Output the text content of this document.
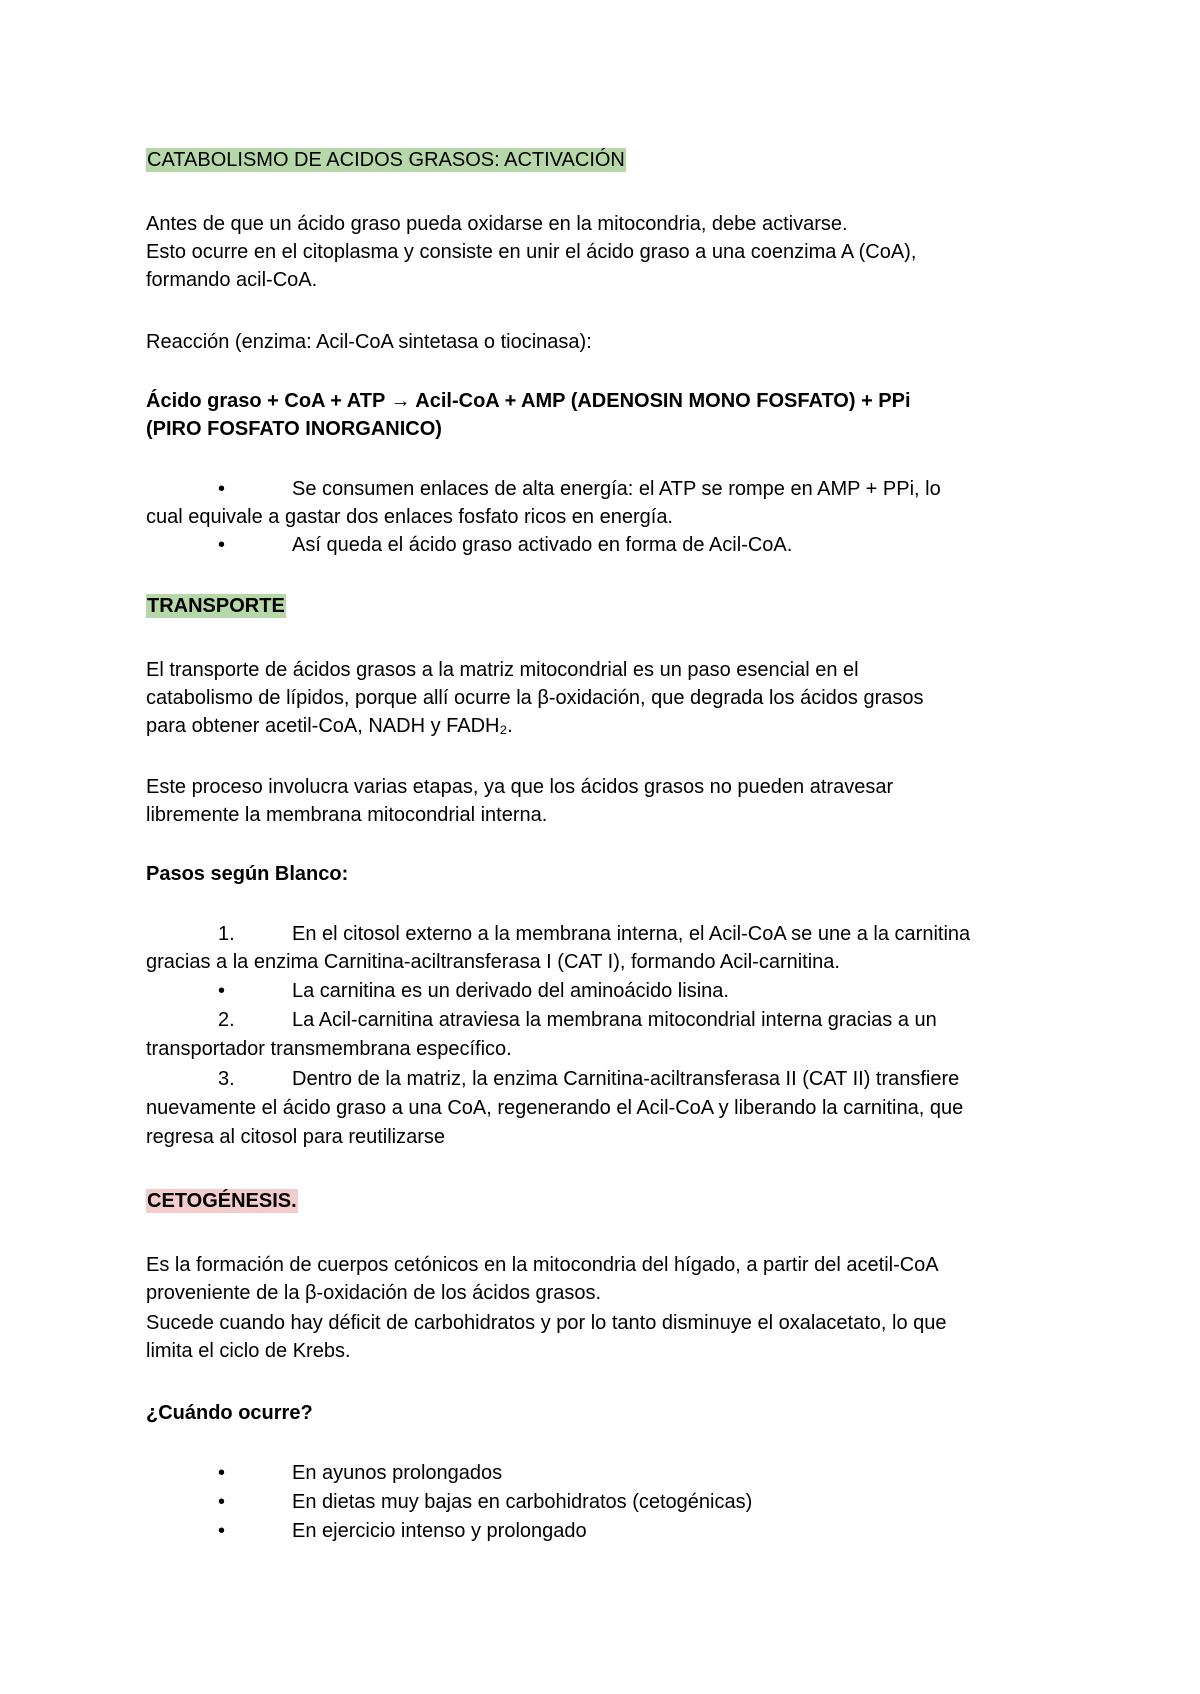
CATABOLISMO DE ACIDOS GRASOS: ACTIVACIÓN
Antes de que un ácido graso pueda oxidarse en la mitocondria, debe activarse.
Esto ocurre en el citoplasma y consiste en unir el ácido graso a una coenzima A (CoA),
formando acil-CoA.
Reacción (enzima: Acil-CoA sintetasa o tiocinasa):
Ácido graso + CoA + ATP → Acil-CoA + AMP (ADENOSIN MONO FOSFATO) + PPi
(PIRO FOSFATO INORGANICO)
•	Se consumen enlaces de alta energía: el ATP se rompe en AMP + PPi, lo
cual equivale a gastar dos enlaces fosfato ricos en energía.
•	Así queda el ácido graso activado en forma de Acil-CoA.
TRANSPORTE
El transporte de ácidos grasos a la matriz mitocondrial es un paso esencial en el
catabolismo de lípidos, porque allí ocurre la β-oxidación, que degrada los ácidos grasos
para obtener acetil-CoA, NADH y FADH₂.
Este proceso involucra varias etapas, ya que los ácidos grasos no pueden atravesar
libremente la membrana mitocondrial interna.
Pasos según Blanco:
1.	En el citosol externo a la membrana interna, el Acil-CoA se une a la carnitina
gracias a la enzima Carnitina-aciltransferasa I (CAT I), formando Acil-carnitina.
•	La carnitina es un derivado del aminoácido lisina.
2.	La Acil-carnitina atraviesa la membrana mitocondrial interna gracias a un
transportador transmembrana específico.
3.	Dentro de la matriz, la enzima Carnitina-aciltransferasa II (CAT II) transfiere
nuevamente el ácido graso a una CoA, regenerando el Acil-CoA y liberando la carnitina, que
regresa al citosol para reutilizarse
CETOGÉNESIS.
Es la formación de cuerpos cetónicos en la mitocondria del hígado, a partir del acetil-CoA
proveniente de la β-oxidación de los ácidos grasos.
Sucede cuando hay déficit de carbohidratos y por lo tanto disminuye el oxalacetato, lo que
limita el ciclo de Krebs.
¿Cuándo ocurre?
•	En ayunos prolongados
•	En dietas muy bajas en carbohidratos (cetogénicas)
•	En ejercicio intenso y prolongado
